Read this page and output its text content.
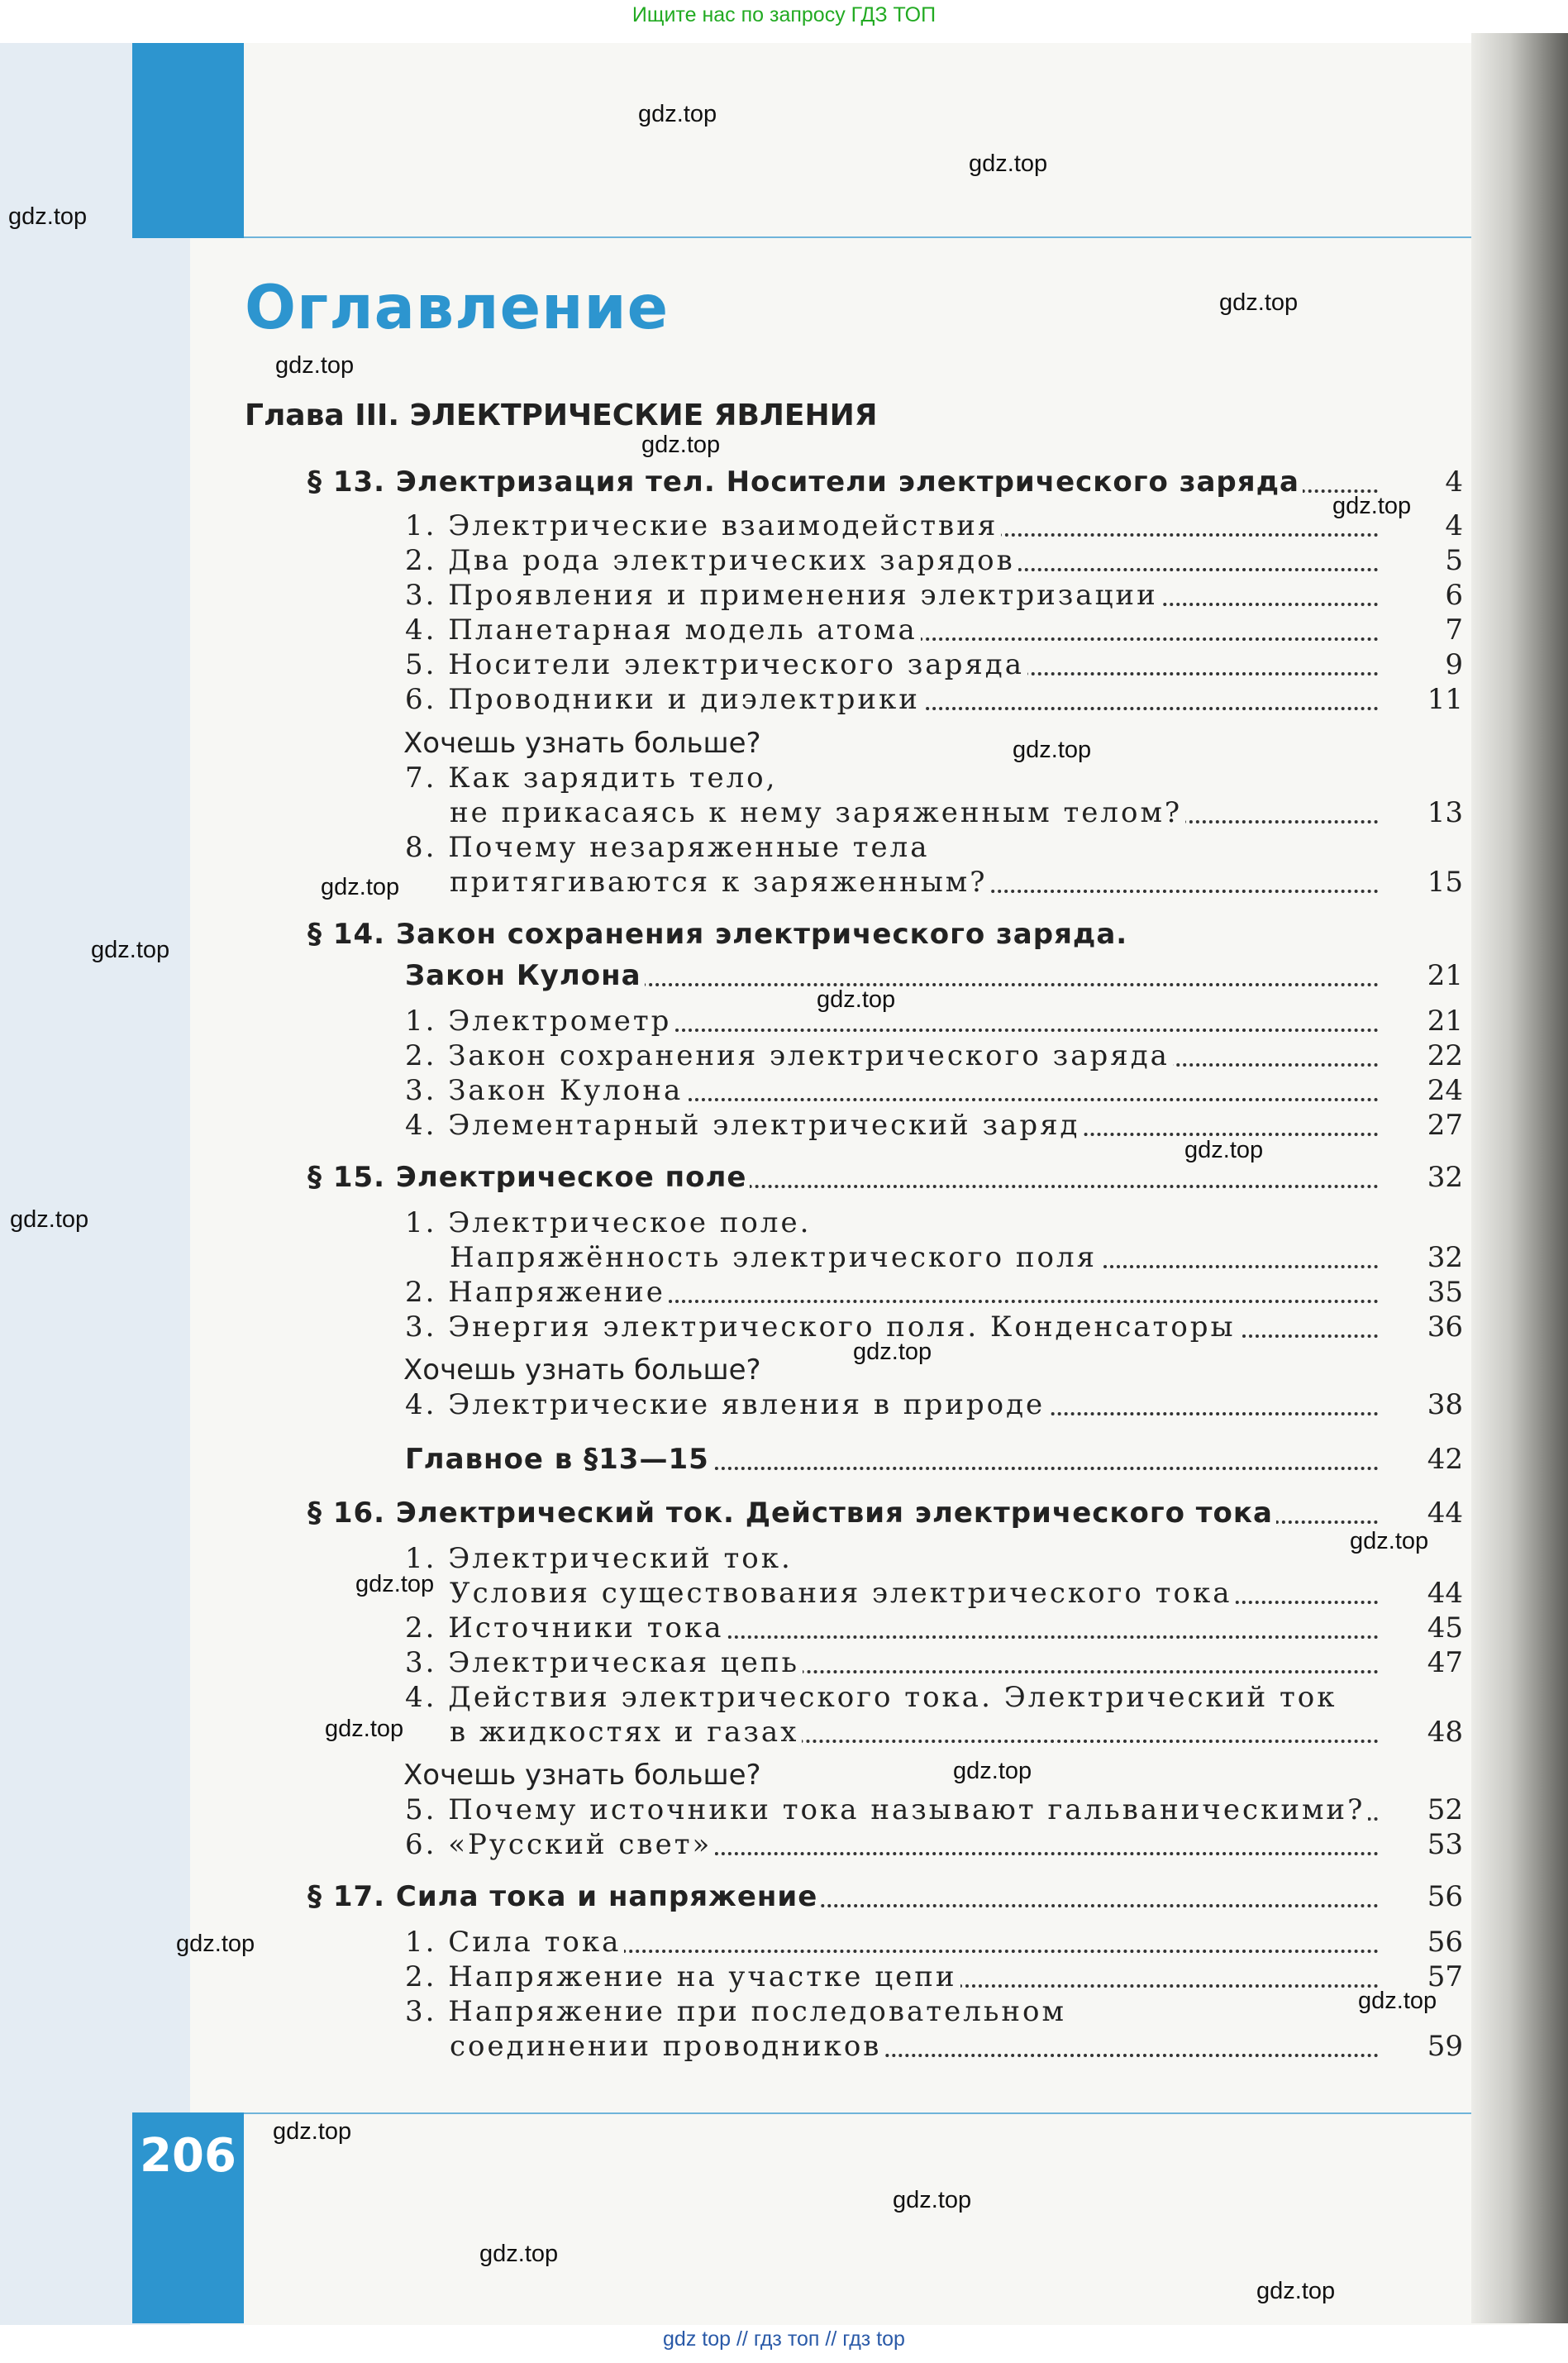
Ищите нас по запросу ГДЗ ТОП
Оглавление
Глава III. ЭЛЕКТРИЧЕСКИЕ ЯВЛЕНИЯ
§ 13. Электризация тел. Носители электрического заряда	4
1. Электрические взаимодействия	4
2. Два рода электрических зарядов	5
3. Проявления и применения электризации	6
4. Планетарная модель атома	7
5. Носители электрического заряда	9
6. Проводники и диэлектрики	11
Хочешь узнать больше?
7. Как зарядить тело,
не прикасаясь к нему заряженным телом?	13
8. Почему незаряженные тела
притягиваются к заряженным?	15
§ 14. Закон сохранения электрического заряда.
Закон Кулона	21
1. Электрометр	21
2. Закон сохранения электрического заряда	22
3. Закон Кулона	24
4. Элементарный электрический заряд	27
§ 15. Электрическое поле	32
1. Электрическое поле.
Напряжённость электрического поля	32
2. Напряжение	35
3. Энергия электрического поля. Конденсаторы	36
Хочешь узнать больше?
4. Электрические явления в природе	38
Главное в §13—15	42
§ 16. Электрический ток. Действия электрического тока	44
1. Электрический ток.
Условия существования электрического тока	44
2. Источники тока	45
3. Электрическая цепь	47
4. Действия электрического тока. Электрический ток
в жидкостях и газах	48
Хочешь узнать больше?
5. Почему источники тока называют гальваническими?	52
6. «Русский свет»	53
§ 17. Сила тока и напряжение	56
1. Сила тока	56
2. Напряжение на участке цепи	57
3. Напряжение при последовательном
соединении проводников	59
206
gdz.top
gdz.top
gdz.top
gdz.top
gdz.top
gdz.top
gdz.top
gdz.top
gdz.top
gdz.top
gdz.top
gdz.top
gdz.top
gdz.top
gdz.top
gdz.top
gdz.top
gdz.top
gdz.top
gdz.top
gdz.top
gdz.top
gdz.top
gdz.top
gdz top // гдз топ // гдз top
